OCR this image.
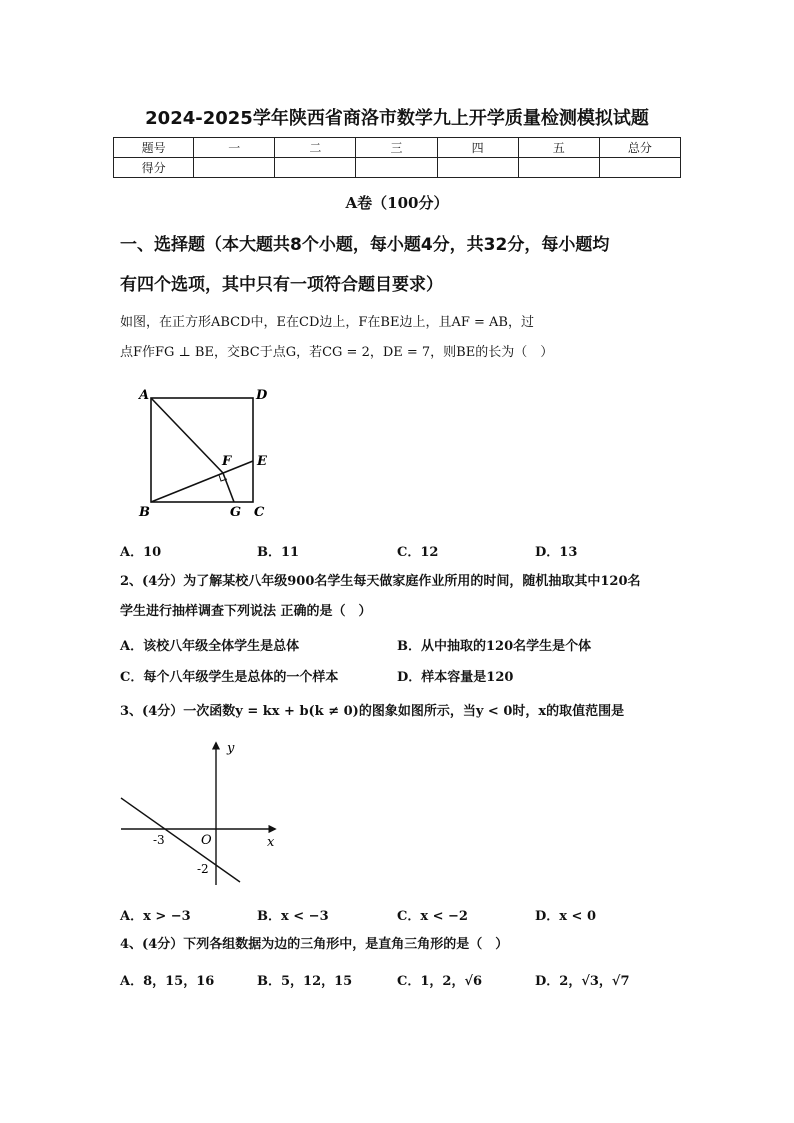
2024-2025学年陕西省商洛市数学九上开学质量检测模拟试题
题号	一	二	三	四	五	总分
得分						
A卷（100分）
一、选择题（本大题共8个小题，每小题4分，共32分，每小题均
有四个选项，其中只有一项符合题目要求）
如图，在正方形ABCD中，E在CD边上，F在BE边上，且AF = AB，过
点F作FG ⊥ BE，交BC于点G，若CG = 2，DE = 7，则BE的长为（　）
A	D
F E
B	G C
A．10	B．11	C．12	D．13
2、(4分）为了解某校八年级900名学生每天做家庭作业所用的时间，随机抽取其中120名
学生进行抽样调查下列说法 正确的是（　）
A．该校八年级全体学生是总体	B．从中抽取的120名学生是个体
C．每个八年级学生是总体的一个样本	D．样本容量是120
3、(4分）一次函数y = kx + b(k ≠ 0)的图象如图所示，当y < 0时，x的取值范围是
y
x
O
-3
-2
A．x > −3	B．x < −3	C．x < −2	D．x < 0
4、(4分）下列各组数据为边的三角形中，是直角三角形的是（　）
A．8，15，16	B．5，12，15	C．1，2，√6	D．2，√3，√7
